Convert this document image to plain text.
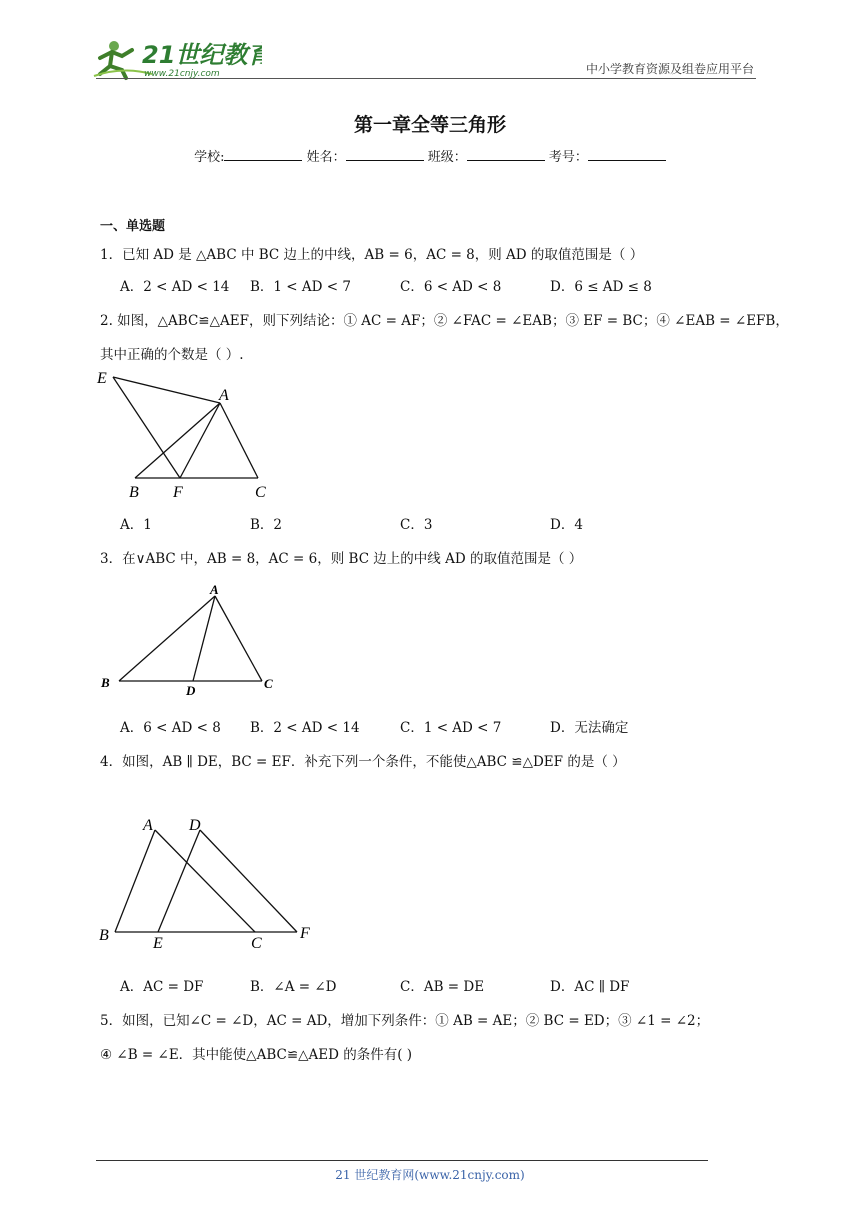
21世纪教育
www.21cnjy.com	中小学教育资源及组卷应用平台
第一章全等三角形
学校:	姓名：	班级：	考号：
一、单选题
1．已知 AD 是 △ABC 中 BC 边上的中线，AB = 6，AC = 8，则 AD 的取值范围是（ ）
A．2 < AD < 14 B．1 < AD < 7	C．6 < AD < 8	D．6 ≤ AD ≤ 8
2. 如图，△ABC≌△AEF，则下列结论：① AC = AF；② ∠FAC = ∠EAB；③ EF = BC；④ ∠EAB = ∠EFB，
其中正确的个数是（ ）.
E
A
B F	C
A．1	B．2	C．3	D．4
3．在∨ABC 中，AB = 8，AC = 6，则 BC 边上的中线 AD 的取值范围是（ ）
A
B
D	C
A．6 < AD < 8 B．2 < AD < 14	C．1 < AD < 7	D．无法确定
4．如图，AB ∥ DE，BC = EF．补充下列一个条件，不能使△ABC ≌△DEF 的是（ ）
A D
B	E	C
F
A．AC = DF	B．∠A = ∠D	C．AB = DE	D．AC ∥ DF
5．如图，已知∠C = ∠D，AC = AD，增加下列条件：① AB = AE；② BC = ED；③ ∠1 = ∠2；
④ ∠B = ∠E．其中能使△ABC≌△AED 的条件有( )
21 世纪教育网(www.21cnjy.com)
